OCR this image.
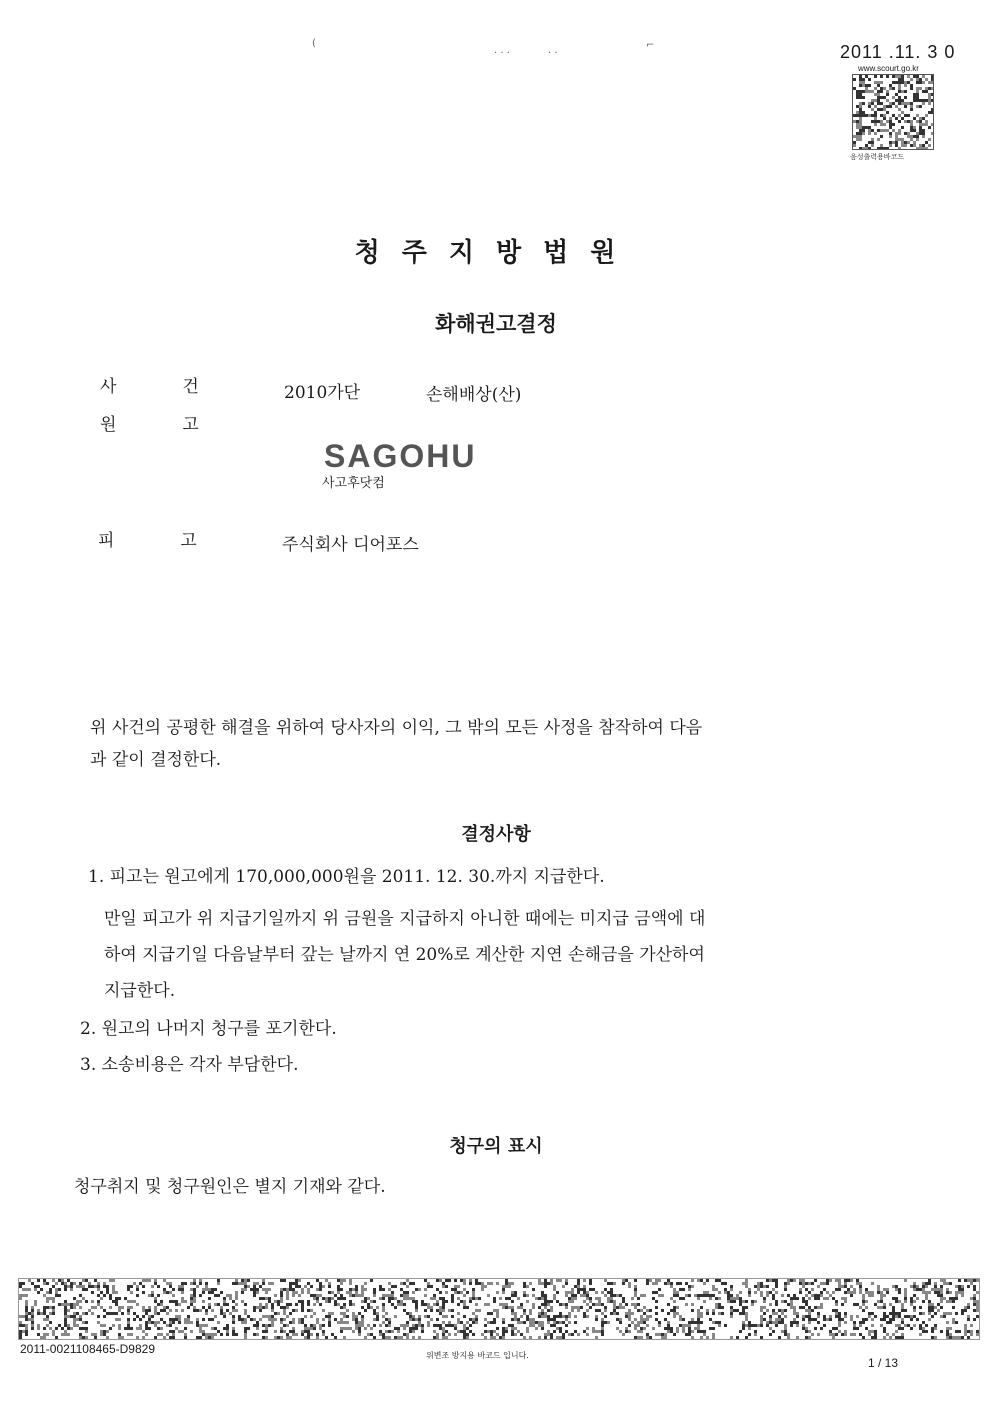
(
· · ·	· ·
⌐	2011 .11. 3 0
www.scourt.go.kr
음성출력용바코드
청주지방법원
화해권고결정
사건 2010가단	손해배상(산)
원고
SAGOHU
사고후닷컴
피고 주식회사 디어포스
위 사건의 공평한 해결을 위하여 당사자의 이익, 그 밖의 모든 사정을 참작하여 다음
과 같이 결정한다.
결정사항
1. 피고는 원고에게 170,000,000원을 2011. 12. 30.까지 지급한다.
만일 피고가 위 지급기일까지 위 금원을 지급하지 아니한 때에는 미지급 금액에 대
하여 지급기일 다음날부터 갚는 날까지 연 20%로 계산한 지연 손해금을 가산하여
지급한다.
2. 원고의 나머지 청구를 포기한다.
3. 소송비용은 각자 부담한다.
청구의 표시
청구취지 및 청구원인은 별지 기재와 같다.
2011-0021108465-D9829	위변조 방지용 바코드 입니다.
1 / 13
